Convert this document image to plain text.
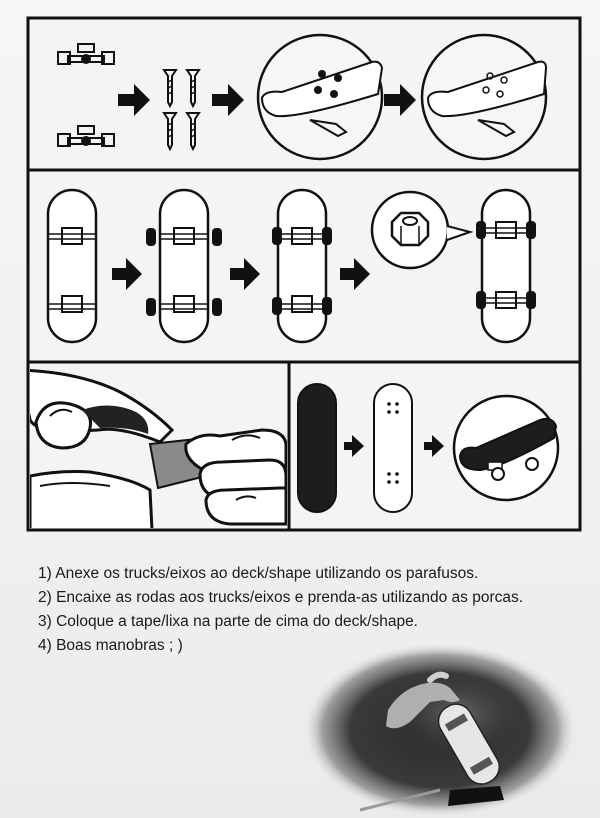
1) Anexe os trucks/eixos ao deck/shape utilizando os parafusos.
2) Encaixe as rodas aos trucks/eixos e prenda-as utilizando as porcas.
3) Coloque a tape/lixa na parte de cima do deck/shape.
4) Boas manobras ; )
